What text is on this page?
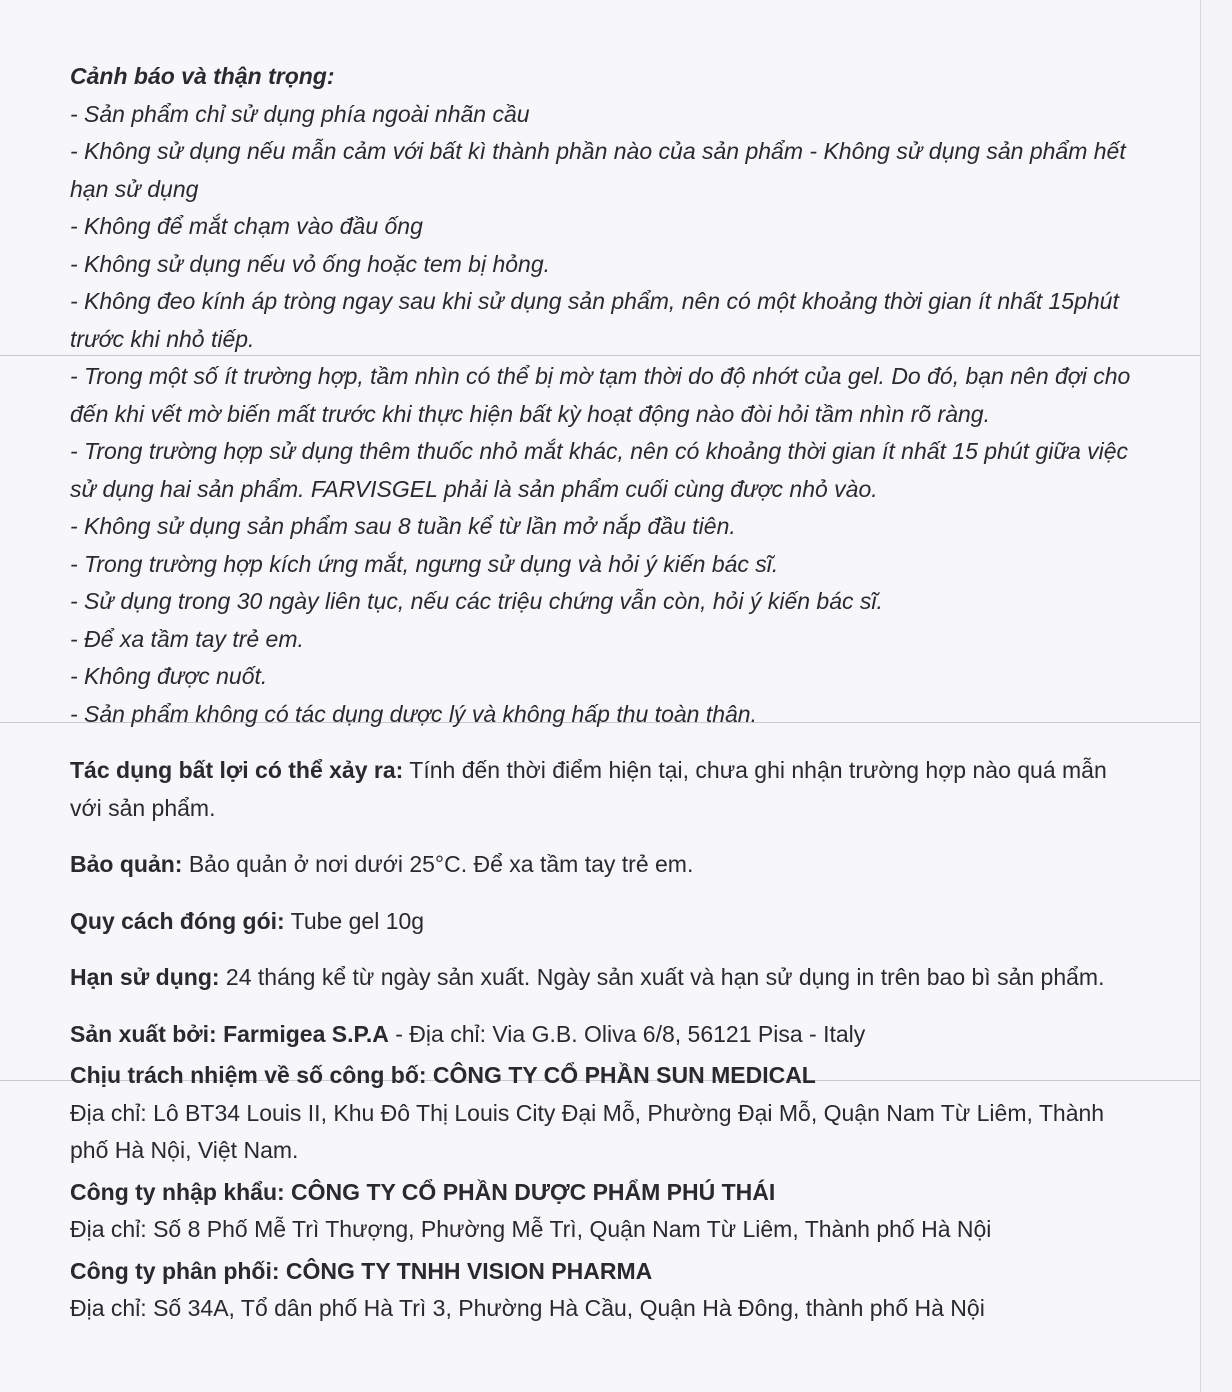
Cảnh báo và thận trọng:
- Sản phẩm chỉ sử dụng phía ngoài nhãn cầu
- Không sử dụng nếu mẫn cảm với bất kì thành phần nào của sản phẩm - Không sử dụng sản phẩm hết hạn sử dụng
- Không để mắt chạm vào đầu ống
- Không sử dụng nếu vỏ ống hoặc tem bị hỏng.
- Không đeo kính áp tròng ngay sau khi sử dụng sản phẩm, nên có một khoảng thời gian ít nhất 15phút trước khi nhỏ tiếp.
- Trong một số ít trường hợp, tầm nhìn có thể bị mờ tạm thời do độ nhớt của gel. Do đó, bạn nên đợi cho đến khi vết mờ biến mất trước khi thực hiện bất kỳ hoạt động nào đòi hỏi tầm nhìn rõ ràng.
- Trong trường hợp sử dụng thêm thuốc nhỏ mắt khác, nên có khoảng thời gian ít nhất 15 phút giữa việc sử dụng hai sản phẩm. FARVISGEL phải là sản phẩm cuối cùng được nhỏ vào.
- Không sử dụng sản phẩm sau 8 tuần kể từ lần mở nắp đầu tiên.
- Trong trường hợp kích ứng mắt, ngưng sử dụng và hỏi ý kiến bác sĩ.
- Sử dụng trong 30 ngày liên tục, nếu các triệu chứng vẫn còn, hỏi ý kiến bác sĩ.
- Để xa tầm tay trẻ em.
- Không được nuốt.
- Sản phẩm không có tác dụng dược lý và không hấp thu toàn thân.

Tác dụng bất lợi có thể xảy ra: Tính đến thời điểm hiện tại, chưa ghi nhận trường hợp nào quá mẫn với sản phẩm.

Bảo quản: Bảo quản ở nơi dưới 25°C. Để xa tầm tay trẻ em.

Quy cách đóng gói: Tube gel 10g

Hạn sử dụng: 24 tháng kể từ ngày sản xuất. Ngày sản xuất và hạn sử dụng in trên bao bì sản phẩm.

Sản xuất bởi: Farmigea S.P.A - Địa chỉ: Via G.B. Oliva 6/8, 56121 Pisa - Italy

Chịu trách nhiệm về số công bố: CÔNG TY CỔ PHẦN SUN MEDICAL
Địa chỉ: Lô BT34 Louis II, Khu Đô Thị Louis City Đại Mỗ, Phường Đại Mỗ, Quận Nam Từ Liêm, Thành phố Hà Nội, Việt Nam.

Công ty nhập khẩu: CÔNG TY CỔ PHẦN DƯỢC PHẨM PHÚ THÁI
Địa chỉ: Số 8 Phố Mễ Trì Thượng, Phường Mễ Trì, Quận Nam Từ Liêm, Thành phố Hà Nội

Công ty phân phối: CÔNG TY TNHH VISION PHARMA
Địa chỉ: Số 34A, Tổ dân phố Hà Trì 3, Phường Hà Cầu, Quận Hà Đông, thành phố Hà Nội
